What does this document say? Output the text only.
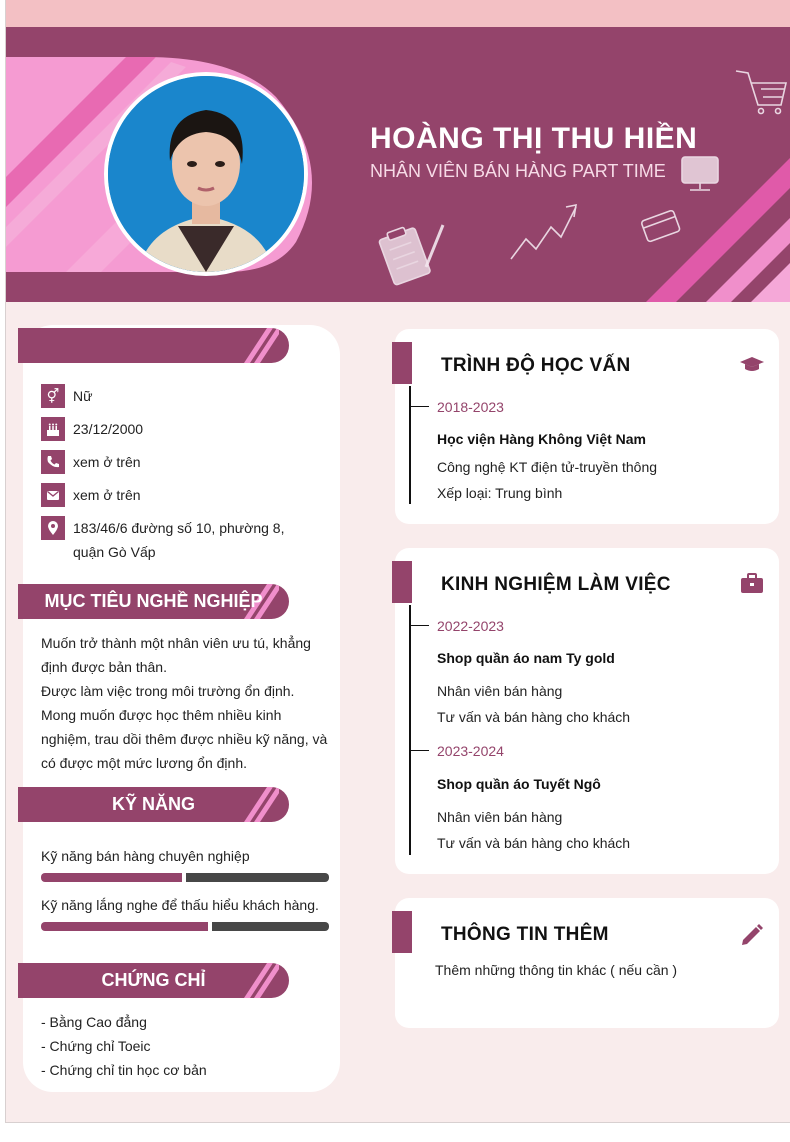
HOÀNG THỊ THU HIỀN
NHÂN VIÊN BÁN HÀNG PART TIME
⚥ Nữ
23/12/2000
xem ở trên
xem ở trên
183/46/6 đường số 10, phường 8,
quận Gò Vấp
MỤC TIÊU NGHỀ NGHIỆP
Muốn trở thành một nhân viên ưu tú, khẳng
định được bản thân.
Được làm việc trong môi trường ổn định.
Mong muốn được học thêm nhiều kinh
nghiệm, trau dồi thêm được nhiều kỹ năng, và
có được một mức lương ổn định.
KỸ NĂNG
Kỹ năng bán hàng chuyên nghiệp
Kỹ năng lắng nghe để thấu hiểu khách hàng.
CHỨNG CHỈ
- Bằng Cao đẳng
- Chứng chỉ Toeic
- Chứng chỉ tin học cơ bản
TRÌNH ĐỘ HỌC VẤN
2018-2023
Học viện Hàng Không Việt Nam
Công nghệ KT điện tử-truyền thông
Xếp loại: Trung bình
KINH NGHIỆM LÀM VIỆC
2022-2023
Shop quần áo nam Ty gold
Nhân viên bán hàng
Tư vấn và bán hàng cho khách
2023-2024
Shop quần áo Tuyết Ngô
Nhân viên bán hàng
Tư vấn và bán hàng cho khách
THÔNG TIN THÊM
Thêm những thông tin khác ( nếu cần )
